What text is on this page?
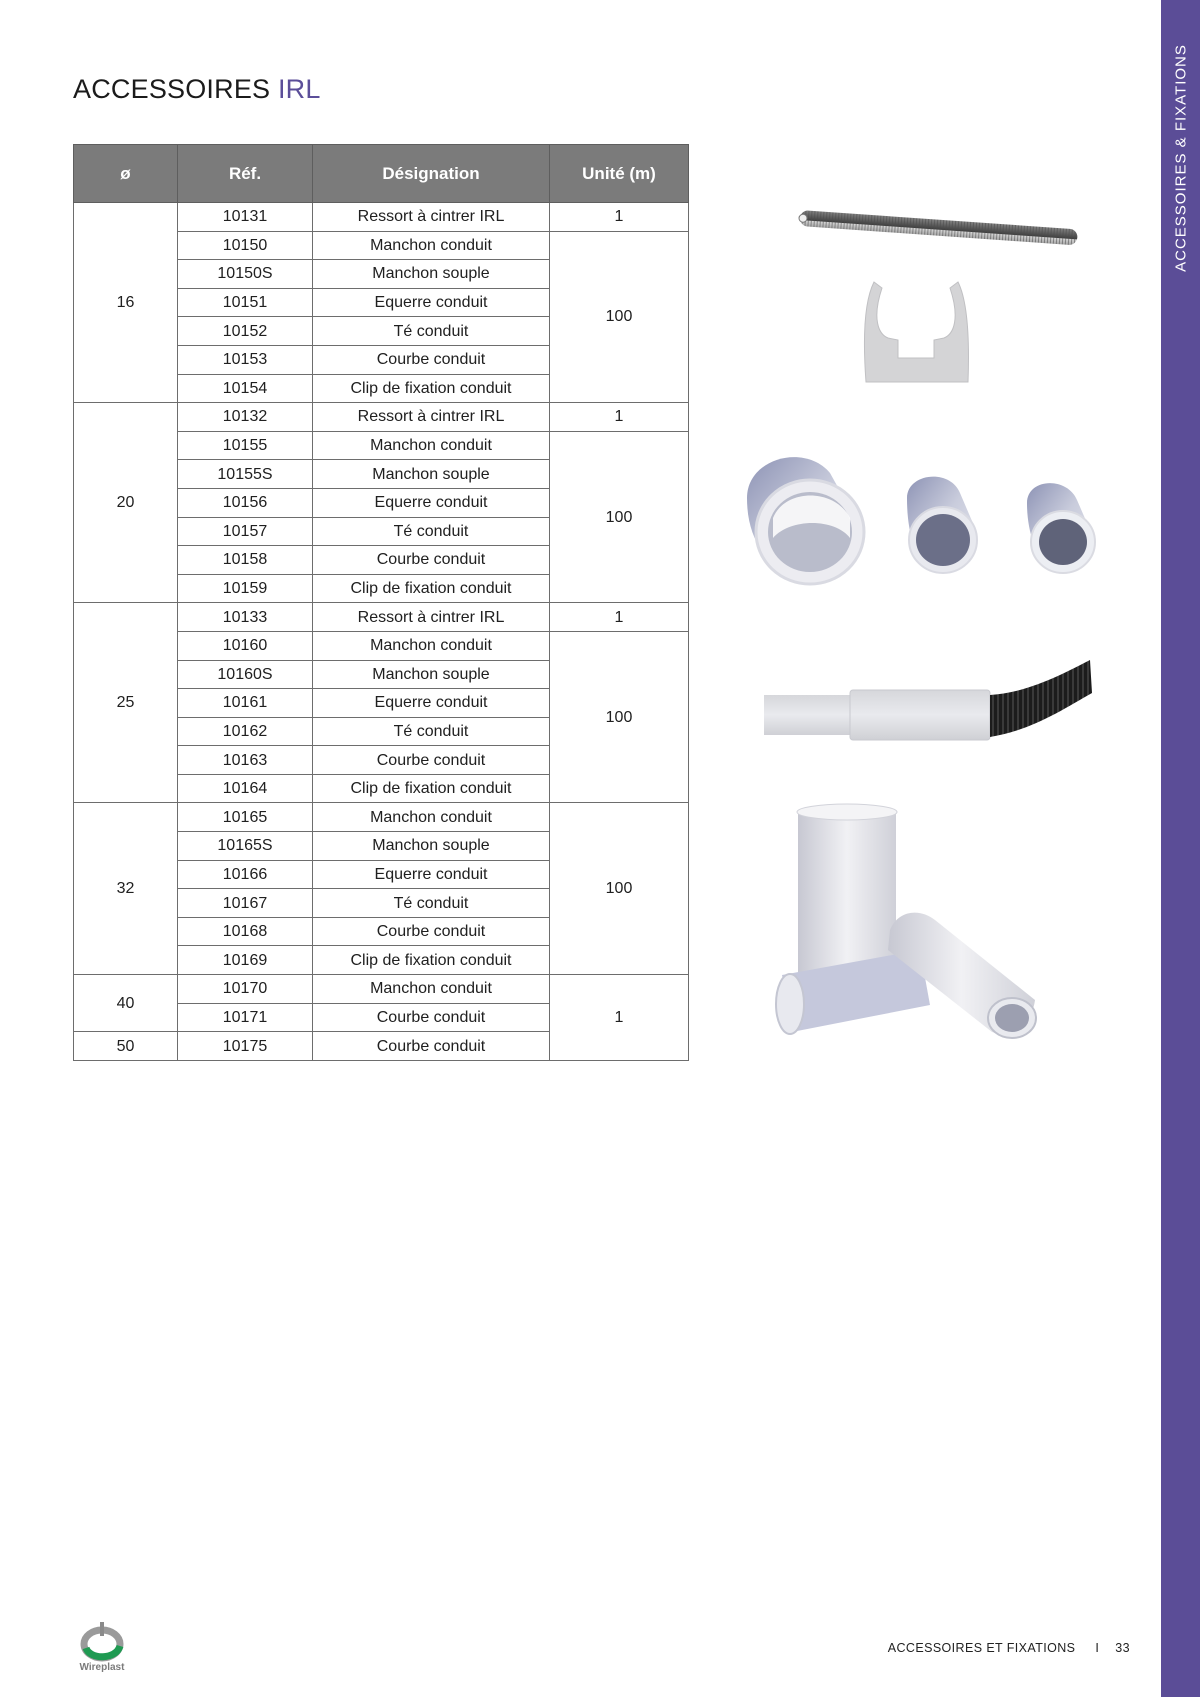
ACCESSOIRES IRL
ø	Réf.	Désignation	Unité (m)
16	10131	Ressort à cintrer IRL	1
	10150	Manchon conduit	100
	10150S	Manchon souple	
	10151	Equerre conduit	
	10152	Té conduit	
	10153	Courbe conduit	
	10154	Clip de fixation conduit	
20	10132	Ressort à cintrer IRL	1
	10155	Manchon conduit	100
	10155S	Manchon souple	
	10156	Equerre conduit	
	10157	Té conduit	
	10158	Courbe conduit	
	10159	Clip de fixation conduit	
25	10133	Ressort à cintrer IRL	1
	10160	Manchon conduit	100
	10160S	Manchon souple	
	10161	Equerre conduit	
	10162	Té conduit	
	10163	Courbe conduit	
	10164	Clip de fixation conduit	
32	10165	Manchon conduit	100
	10165S	Manchon souple	
	10166	Equerre conduit	
	10167	Té conduit	
	10168	Courbe conduit	
	10169	Clip de fixation conduit	
40	10170	Manchon conduit	1
	10171	Courbe conduit	
50	10175	Courbe conduit	
ACCESSOIRES & FIXATIONS
Wireplast
ACCESSOIRES ET FIXATIONS I 33
